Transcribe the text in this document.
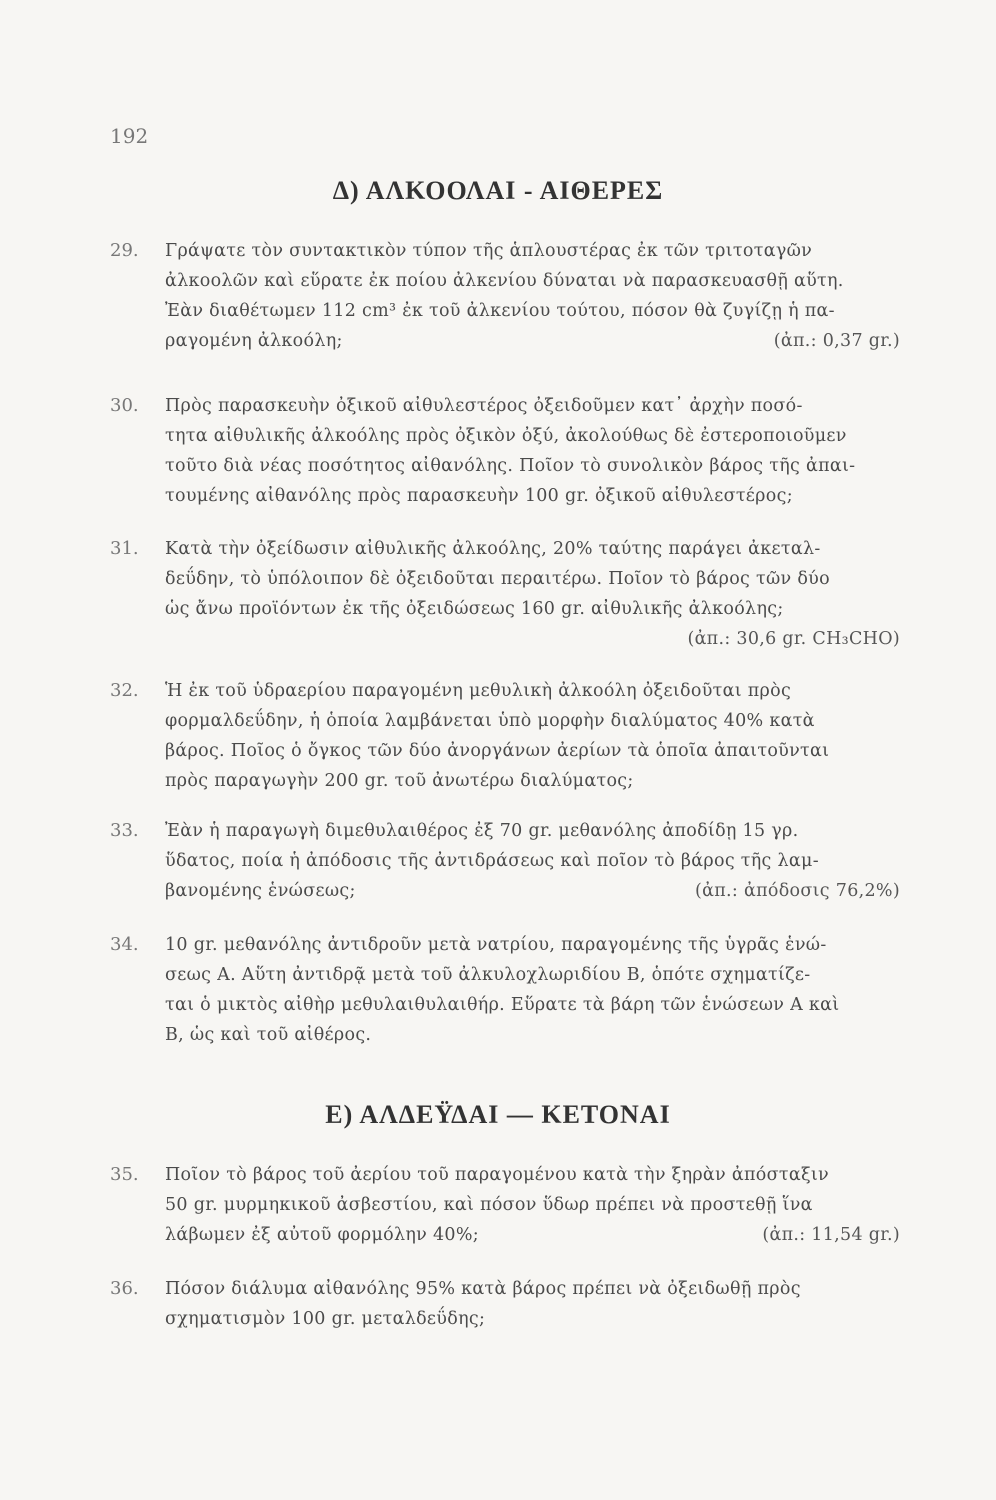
192
Δ) ΑΛΚΟΟΛΑΙ - ΑΙΘΕΡΕΣ
29. Γράψατε τὸν συντακτικὸν τύπον τῆς ἁπλουστέρας ἐκ τῶν τριτοταγῶν
ἀλκοολῶν καὶ εὕρατε ἐκ ποίου ἀλκενίου δύναται νὰ παρασκευασθῇ αὕτη.
Ἐὰν διαθέτωμεν 112 cm³ ἐκ τοῦ ἀλκενίου τούτου, πόσον θὰ ζυγίζῃ ἡ πα-
ραγομένη ἀλκοόλη;	(ἀπ.: 0,37 gr.)
30. Πρὸς παρασκευὴν ὀξικοῦ αἰθυλεστέρος ὀξειδοῦμεν κατ᾽ ἀρχὴν ποσό-
τητα αἰθυλικῆς ἀλκοόλης πρὸς ὀξικὸν ὀξύ, ἀκολούθως δὲ ἐστεροποιοῦμεν
τοῦτο διὰ νέας ποσότητος αἰθανόλης. Ποῖον τὸ συνολικὸν βάρος τῆς ἀπαι-
τουμένης αἰθανόλης πρὸς παρασκευὴν 100 gr. ὀξικοῦ αἰθυλεστέρος;
31. Κατὰ τὴν ὀξείδωσιν αἰθυλικῆς ἀλκοόλης, 20% ταύτης παράγει ἀκεταλ-
δεΰδην, τὸ ὑπόλοιπον δὲ ὀξειδοῦται περαιτέρω. Ποῖον τὸ βάρος τῶν δύο
ὡς ἄνω προϊόντων ἐκ τῆς ὀξειδώσεως 160 gr. αἰθυλικῆς ἀλκοόλης;
(ἀπ.: 30,6 gr. CH₃CHO)
32. Ἡ ἐκ τοῦ ὑδραερίου παραγομένη μεθυλικὴ ἀλκοόλη ὀξειδοῦται πρὸς
φορμαλδεΰδην, ἡ ὁποία λαμβάνεται ὑπὸ μορφὴν διαλύματος 40% κατὰ
βάρος. Ποῖος ὁ ὄγκος τῶν δύο ἀνοργάνων ἀερίων τὰ ὁποῖα ἀπαιτοῦνται
πρὸς παραγωγὴν 200 gr. τοῦ ἀνωτέρω διαλύματος;
33. Ἐὰν ἡ παραγωγὴ διμεθυλαιθέρος ἐξ 70 gr. μεθανόλης ἀποδίδῃ 15 γρ.
ὕδατος, ποία ἡ ἀπόδοσις τῆς ἀντιδράσεως καὶ ποῖον τὸ βάρος τῆς λαμ-
βανομένης ἑνώσεως;	(ἀπ.: ἀπόδοσις 76,2%)
34. 10 gr. μεθανόλης ἀντιδροῦν μετὰ νατρίου, παραγομένης τῆς ὑγρᾶς ἑνώ-
σεως Α. Αὕτη ἀντιδρᾷ μετὰ τοῦ ἀλκυλοχλωριδίου Β, ὁπότε σχηματίζε-
ται ὁ μικτὸς αἰθὴρ μεθυλαιθυλαιθήρ. Εὕρατε τὰ βάρη τῶν ἑνώσεων Α καὶ
Β, ὡς καὶ τοῦ αἰθέρος.
Ε) ΑΛΔΕΫΔΑΙ — ΚΕΤΟΝΑΙ
35. Ποῖον τὸ βάρος τοῦ ἀερίου τοῦ παραγομένου κατὰ τὴν ξηρὰν ἀπόσταξιν
50 gr. μυρμηκικοῦ ἀσβεστίου, καὶ πόσον ὕδωρ πρέπει νὰ προστεθῇ ἵνα
λάβωμεν ἐξ αὐτοῦ φορμόλην 40%;	(ἀπ.: 11,54 gr.)
36. Πόσον διάλυμα αἰθανόλης 95% κατὰ βάρος πρέπει νὰ ὀξειδωθῇ πρὸς
σχηματισμὸν 100 gr. μεταλδεΰδης;
